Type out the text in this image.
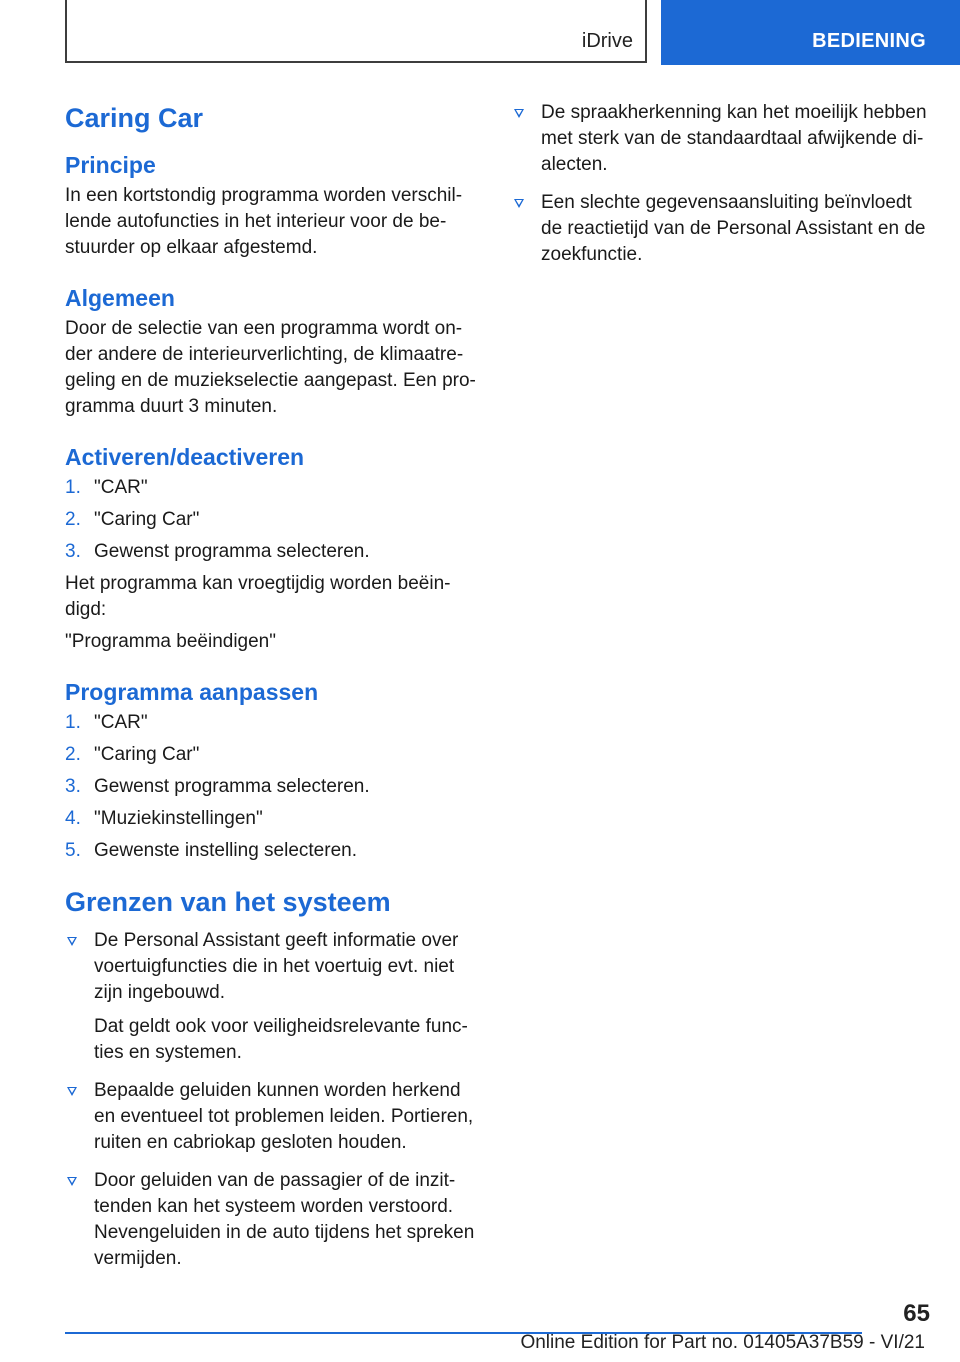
iDrive	BEDIENING
Caring Car
Principe

In een kortstondig programma worden verschil-lende autofuncties in het interieur voor de be-stuurder op elkaar afgestemd.

Algemeen

Door de selectie van een programma wordt on-der andere de interieurverlichting, de klimaatre-geling en de muziekselectie aangepast. Een pro-gramma duurt 3 minuten.

Activeren/deactiveren
1. "CAR"
2. "Caring Car"
3. Gewenst programma selecteren.

Het programma kan vroegtijdig worden beëin-digd:

"Programma beëindigen"

Programma aanpassen
1. "CAR"
2. "Caring Car"
3. Gewenst programma selecteren.
4. "Muziekinstellingen"
5. Gewenste instelling selecteren.
Grenzen van het systeem
De Personal Assistant geeft informatie over voertuigfuncties die in het voertuig evt. niet zijn ingebouwd.
Dat geldt ook voor veiligheidsrelevante func-ties en systemen.
Bepaalde geluiden kunnen worden herkend en eventueel tot problemen leiden. Portieren, ruiten en cabriokap gesloten houden.
Door geluiden van de passagier of de inzit-tenden kan het systeem worden verstoord. Nevengeluiden in de auto tijdens het spreken vermijden.
De spraakherkenning kan het moeilijk hebben met sterk van de standaardtaal afwijkende di-alecten.
Een slechte gegevensaansluiting beïnvloedt de reactietijd van de Personal Assistant en de zoekfunctie.
65
Online Edition for Part no. 01405A37B59 - VI/21
